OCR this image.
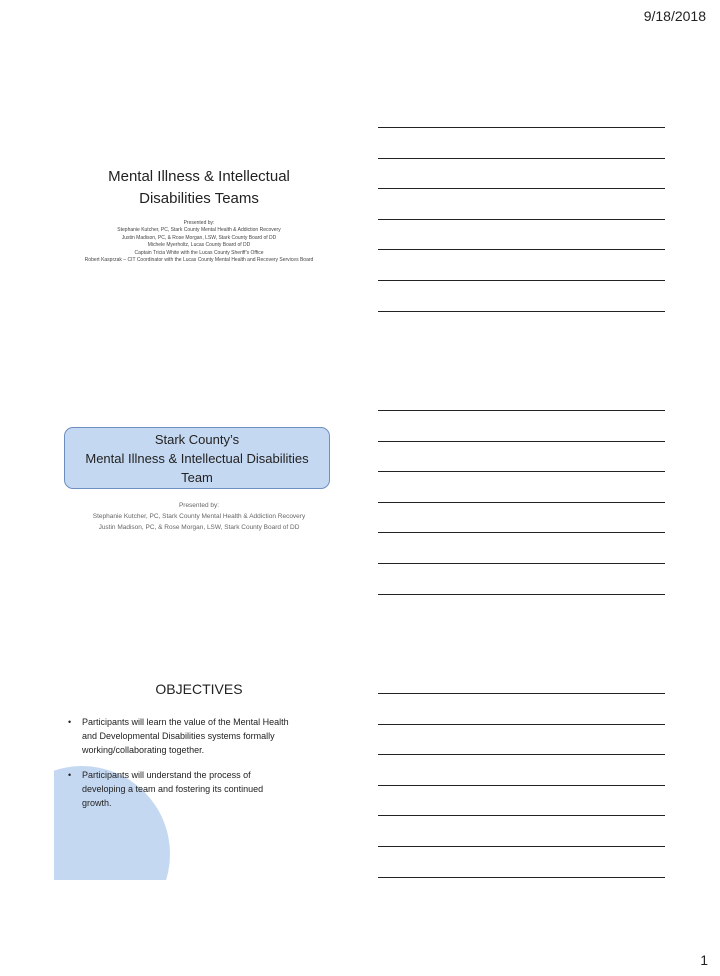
9/18/2018
Mental Illness & Intellectual
Disabilities Teams
Presented by:
Stephanie Kutcher, PC, Stark County Mental Health & Addiction Recovery
Justin Madison, PC, & Rose Morgan, LSW, Stark County Board of DD
Michele Myerholtz, Lucas County Board of DD
Captain Tricia White with the Lucas County Sheriff’s Office
Robert Kasprzak – CIT Coordinator with the Lucas County Mental Health and Recovery Services Board
Stark County’s
Mental Illness & Intellectual Disabilities
Team
Presented by:
Stephanie Kutcher, PC, Stark County Mental Health & Addiction Recovery
Justin Madison, PC, & Rose Morgan, LSW, Stark County Board of DD
OBJECTIVES
• Participants will learn the value of the Mental Health
and Developmental Disabilities systems formally
working/collaborating together.
• Participants will understand the process of
developing a team and fostering its continued
growth.
1
